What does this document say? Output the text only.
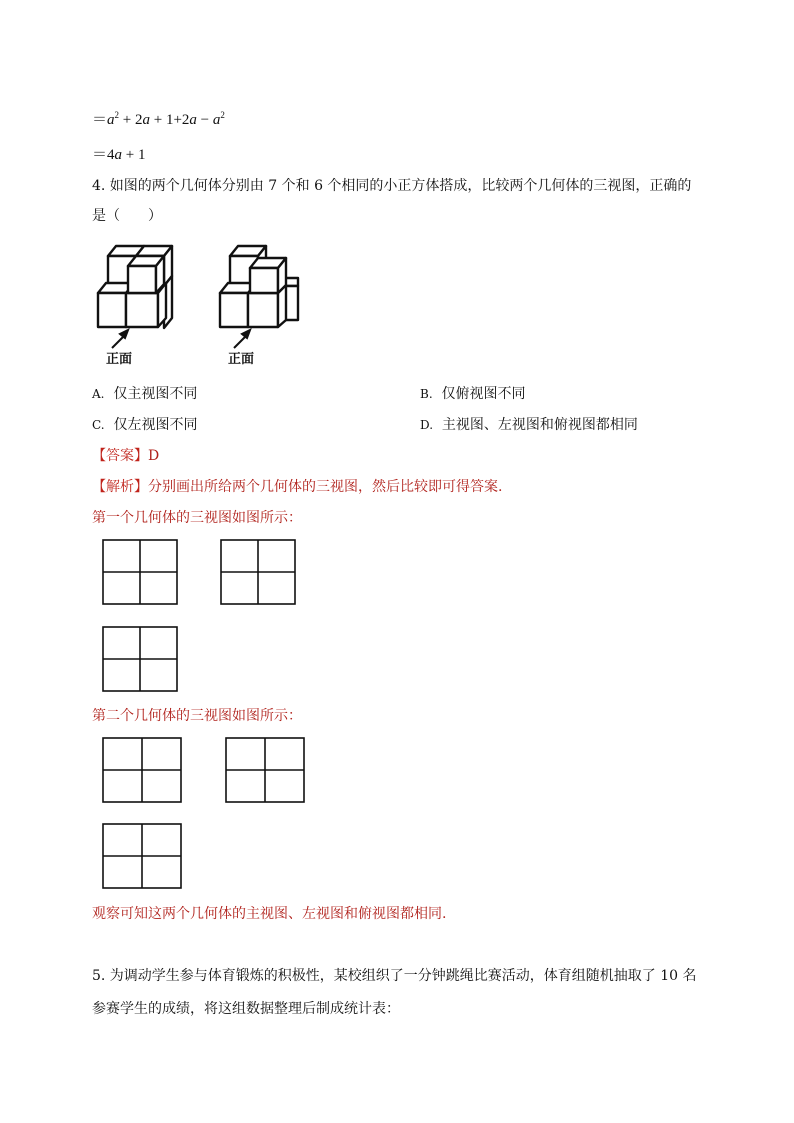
$=a^2 + 2a + 1+2a - a^2$
＝4a + 1
4. 如图的两个几何体分别由 7 个和 6 个相同的小正方体搭成，比较两个几何体的三视图，正确的
是（　　）
正面	正面
A. 仅主视图不同	B. 仅俯视图不同
C. 仅左视图不同	D. 主视图、左视图和俯视图都相同
【答案】D
【解析】分别画出所给两个几何体的三视图，然后比较即可得答案.
第一个几何体的三视图如图所示：
第二个几何体的三视图如图所示：
观察可知这两个几何体的主视图、左视图和俯视图都相同.
5. 为调动学生参与体育锻炼的积极性，某校组织了一分钟跳绳比赛活动，体育组随机抽取了 10 名
参赛学生的成绩，将这组数据整理后制成统计表：
